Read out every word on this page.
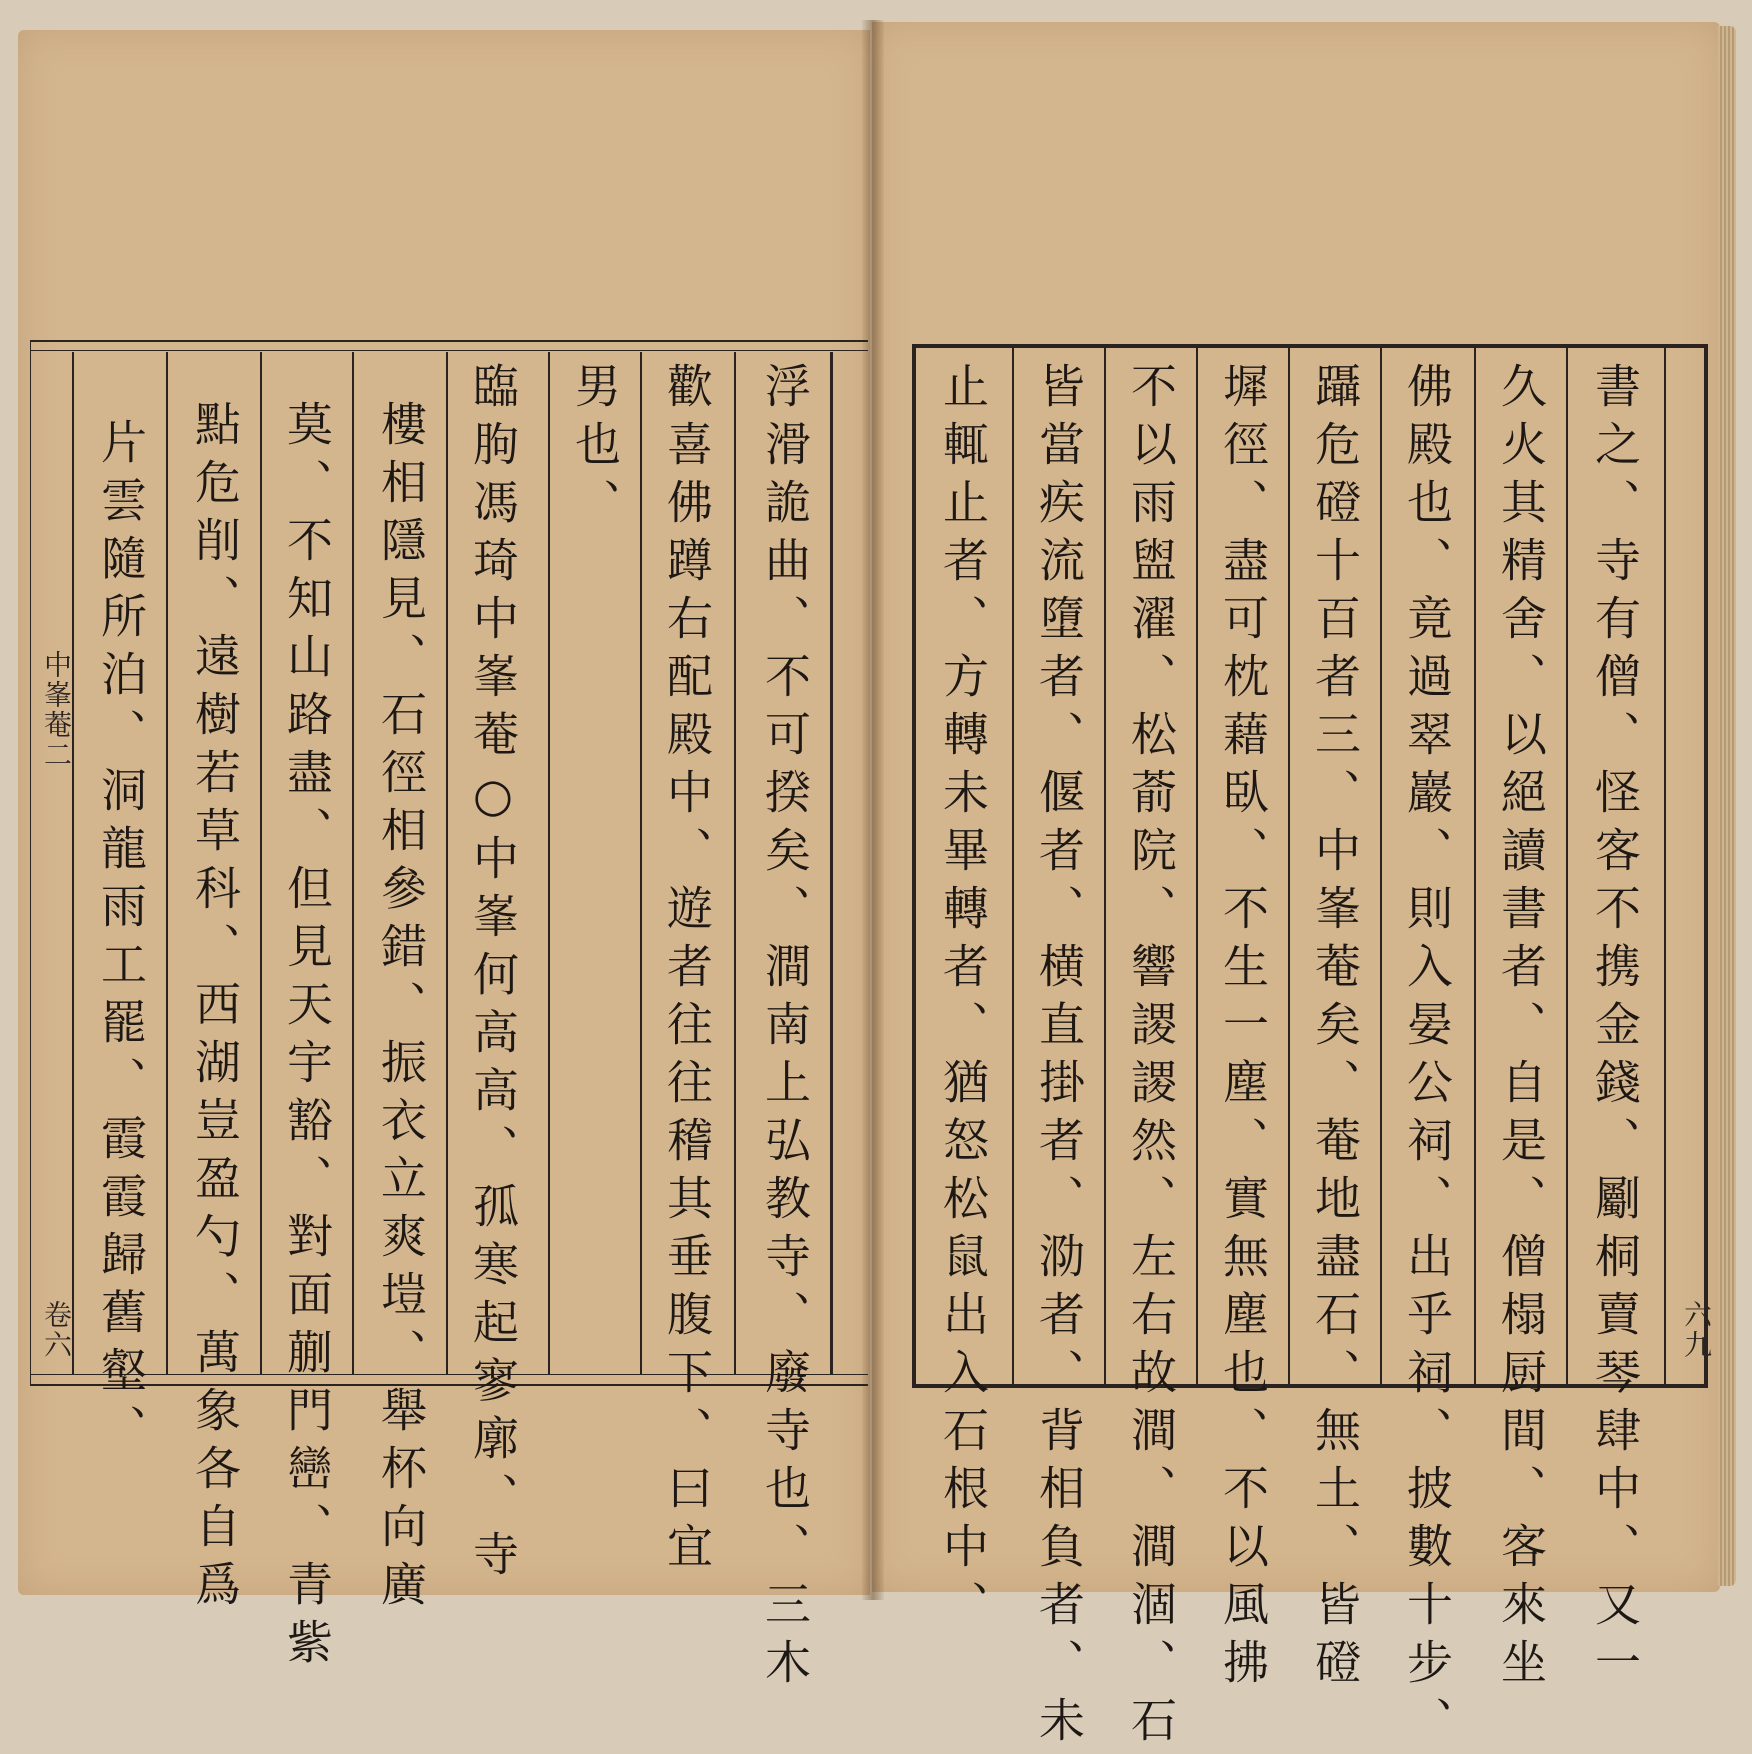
浮滑詭曲、不可揆矣、澗南上弘教寺、廢寺也、三木
歡喜佛蹲右配殿中、遊者往往稽其垂腹下、曰宜
男也、
臨朐馮琦中峯菴○中峯何高高、孤寒起寥廓、寺
樓相隱見、石徑相參錯、振衣立爽塏、舉杯向廣
莫、不知山路盡、但見天宇豁、對面蒯門巒、青紫
點危削、遠樹若草科、西湖豈盈勺、萬象各自爲
片雲隨所泊、洞龍雨工罷、霞霞歸舊壑、
中峯菴二
卷六	書之、寺有僧、怪客不携金錢、劚桐賣琴肆中、又一
久火其精舍、以絕讀書者、自是、僧榻厨間、客來坐
佛殿也、竟過翠巖、則入晏公祠、出乎祠、披數十步、
躡危磴十百者三、中峯菴矣、菴地盡石、無土、皆磴
墀徑、盡可枕藉臥、不生一塵、實無塵也、不以風拂
不以雨盥濯、松萮院、響謖謖然、左右故澗、澗涸、石
皆當疾流墮者、偃者、横直掛者、泐者、背相負者、未
止輒止者、方轉未畢轉者、猶怒松鼠出入石根中、	六九
